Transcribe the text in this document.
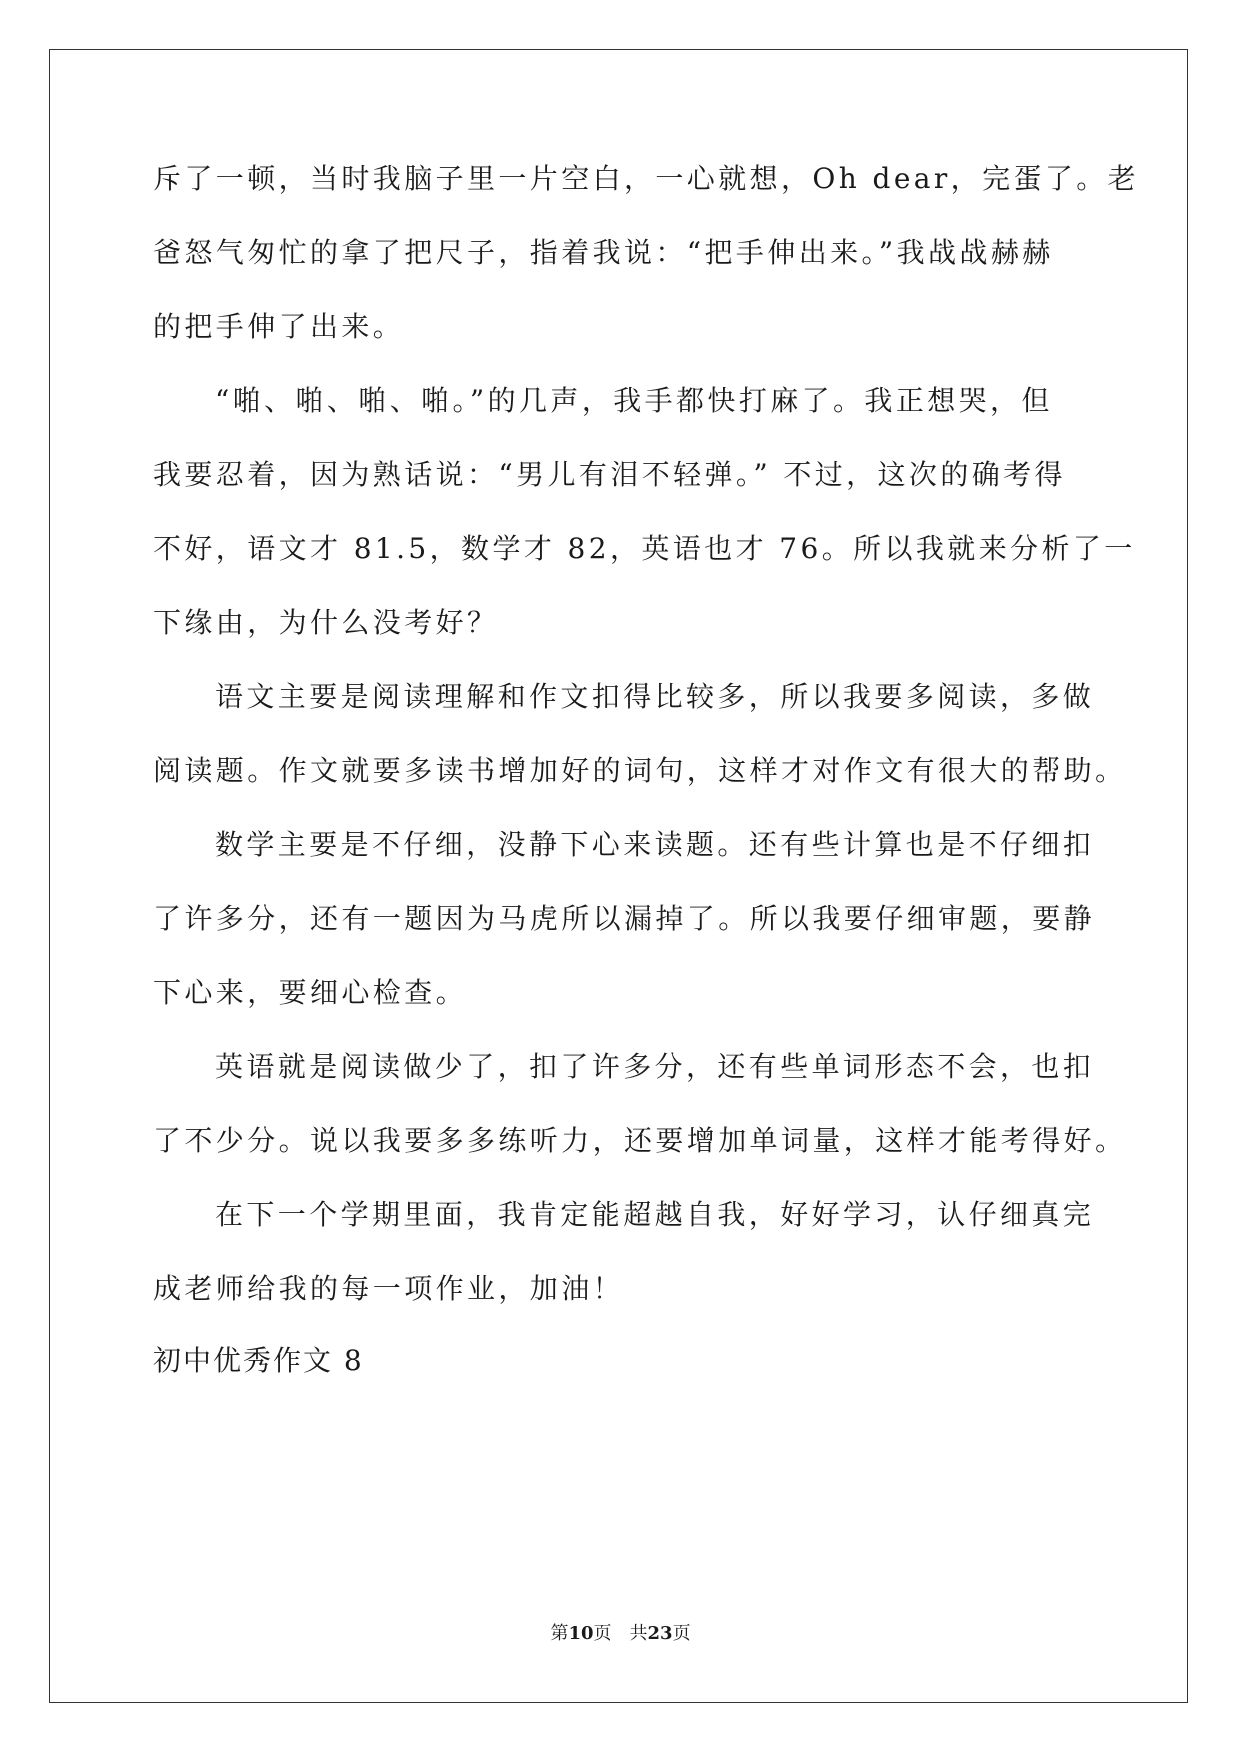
斥了一顿，当时我脑子里一片空白，一心就想，Oh dear，完蛋了。老
爸怒气匆忙的拿了把尺子，指着我说：“把手伸出来。”我战战赫赫
的把手伸了出来。
“啪、啪、啪、啪。”的几声，我手都快打麻了。我正想哭，但
我要忍着，因为熟话说：“男儿有泪不轻弹。” 不过，这次的确考得
不好，语文才 81.5，数学才 82，英语也才 76。所以我就来分析了一
下缘由，为什么没考好？
语文主要是阅读理解和作文扣得比较多，所以我要多阅读，多做
阅读题。作文就要多读书增加好的词句，这样才对作文有很大的帮助。
数学主要是不仔细，没静下心来读题。还有些计算也是不仔细扣
了许多分，还有一题因为马虎所以漏掉了。所以我要仔细审题，要静
下心来，要细心检查。
英语就是阅读做少了，扣了许多分，还有些单词形态不会，也扣
了不少分。说以我要多多练听力，还要增加单词量，这样才能考得好。
在下一个学期里面，我肯定能超越自我，好好学习，认仔细真完
成老师给我的每一项作业，加油！
初中优秀作文 8
第10页 共23页
